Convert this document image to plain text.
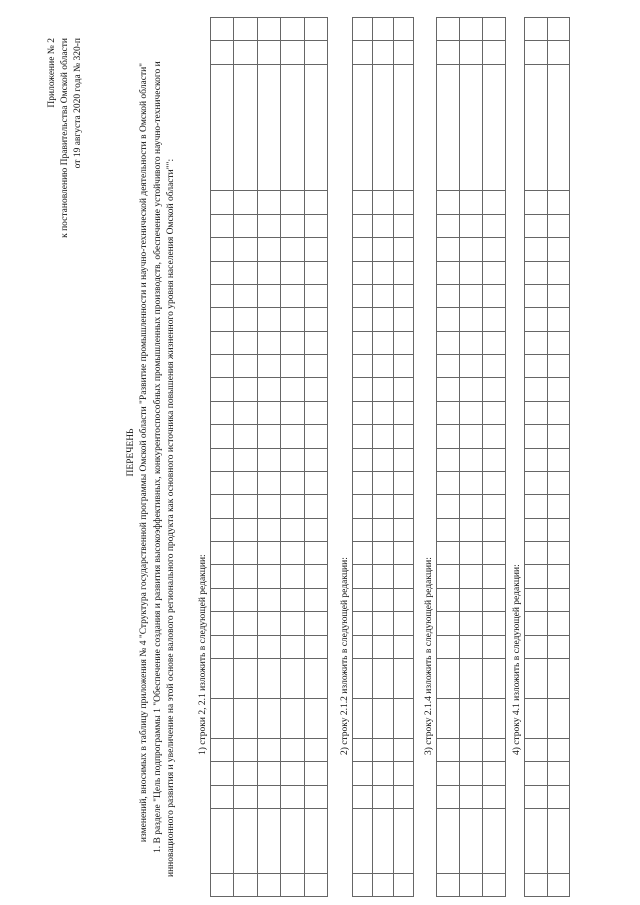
Приложение № 2 к постановлению Правительства Омской области от 19 августа 2020 года № 320-п
ПЕРЕЧЕНЬ изменений, вносимых в таблицу приложения № 4 "Структура государственной программы Омской области "Развитие промышленности и научно-технической деятельности в Омской области" 1. В разделе "Цель подпрограммы 1 "Обеспечение создания и развития высокоэффективных, конкурентоспособных промышленных производств, обеспечение устойчивого научно-технического и инновационного развития и увеличение на этой основе валового регионального продукта как основного источника повышения жизненного уровня населения Омской области"": 1) строки 2, 2.1 изложить в следующей редакции:

																														2) строку 2.1.2 изложить в следующей редакции:

																														3) строку 2.1.4 изложить в следующей редакции:

																														4) строку 4.1 изложить в следующей редакции:
